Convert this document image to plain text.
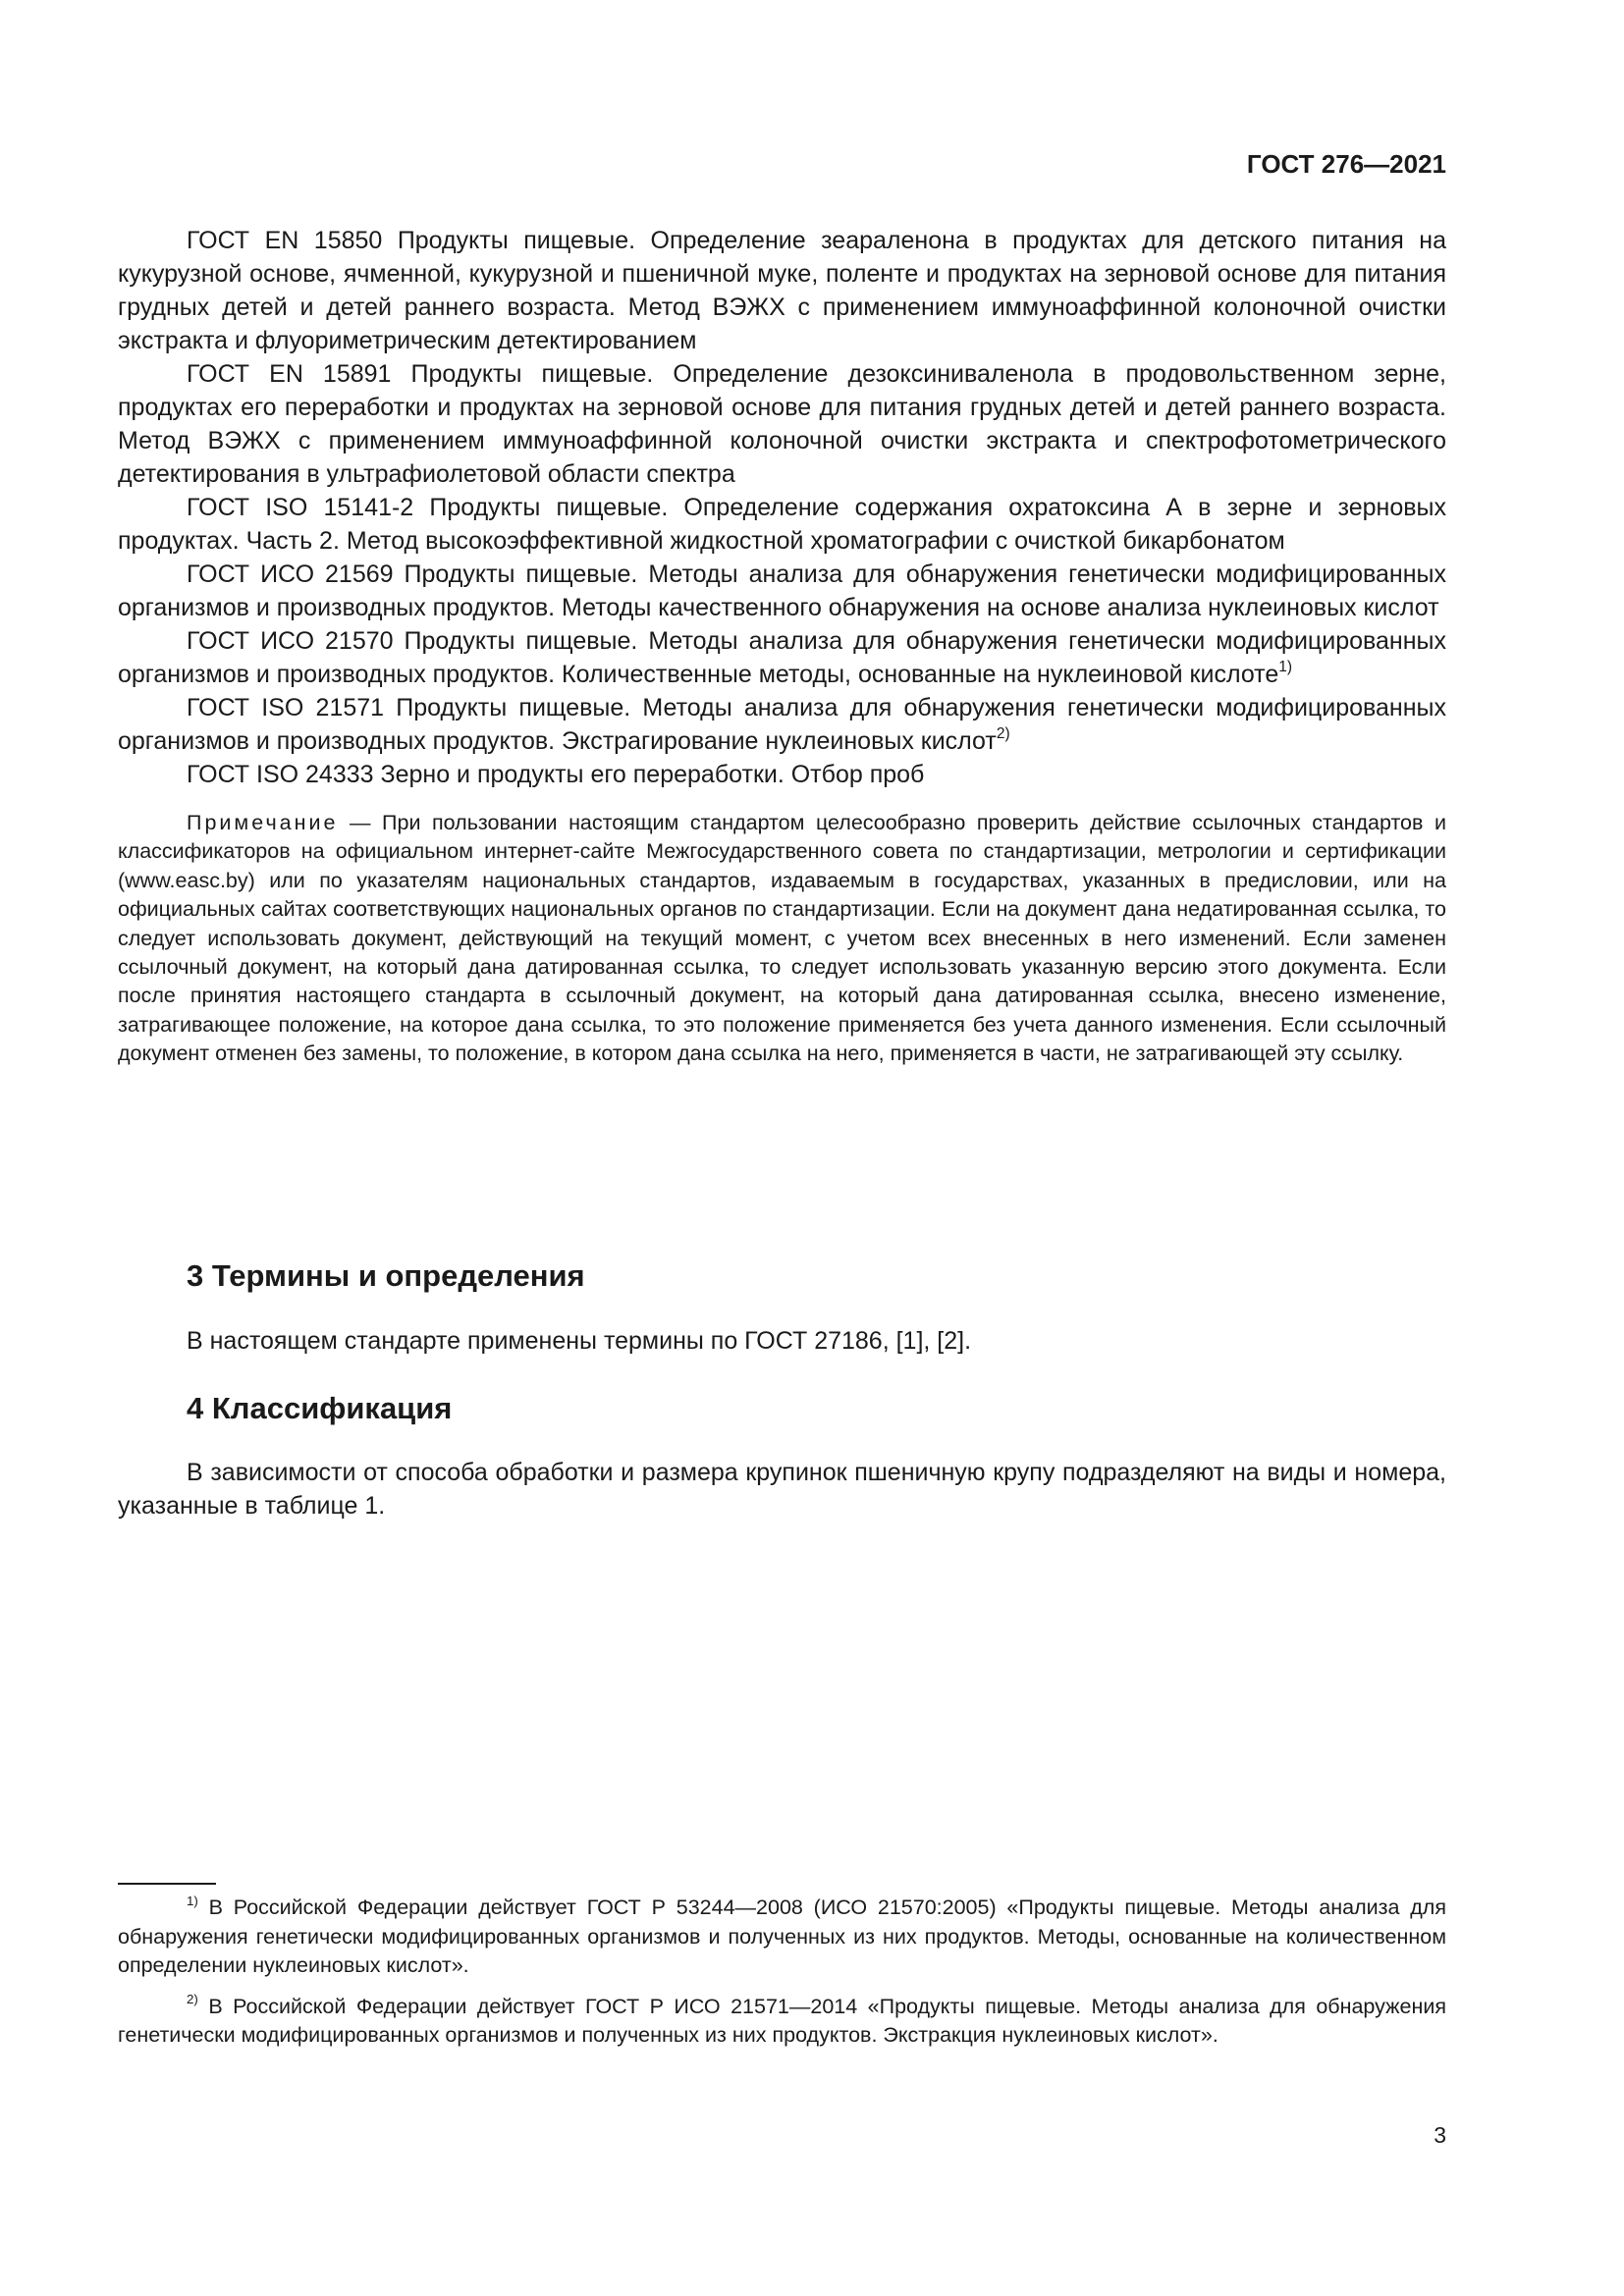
ГОСТ 276—2021

ГОСТ EN 15850 Продукты пищевые. Определение зеараленона в продуктах для детского питания на кукурузной основе, ячменной, кукурузной и пшеничной муке, поленте и продуктах на зерновой основе для питания грудных детей и детей раннего возраста. Метод ВЭЖХ с применением иммуноаффинной колоночной очистки экстракта и флуориметрическим детектированием

ГОСТ EN 15891 Продукты пищевые. Определение дезоксиниваленола в продовольственном зерне, продуктах его переработки и продуктах на зерновой основе для питания грудных детей и детей раннего возраста. Метод ВЭЖХ с применением иммуноаффинной колоночной очистки экстракта и спектрофотометрического детектирования в ультрафиолетовой области спектра

ГОСТ ISO 15141-2 Продукты пищевые. Определение содержания охратоксина А в зерне и зерновых продуктах. Часть 2. Метод высокоэффективной жидкостной хроматографии с очисткой бикарбонатом

ГОСТ ИСО 21569 Продукты пищевые. Методы анализа для обнаружения генетически модифицированных организмов и производных продуктов. Методы качественного обнаружения на основе анализа нуклеиновых кислот

ГОСТ ИСО 21570 Продукты пищевые. Методы анализа для обнаружения генетически модифицированных организмов и производных продуктов. Количественные методы, основанные на нуклеиновой кислоте$^{1)}$

ГОСТ ISO 21571 Продукты пищевые. Методы анализа для обнаружения генетически модифицированных организмов и производных продуктов. Экстрагирование нуклеиновых кислот$^{2)}$

ГОСТ ISO 24333 Зерно и продукты его переработки. Отбор проб

Примечание — При пользовании настоящим стандартом целесообразно проверить действие ссылочных стандартов и классификаторов на официальном интернет-сайте Межгосударственного совета по стандартизации, метрологии и сертификации (www.easc.by) или по указателям национальных стандартов, издаваемым в государствах, указанных в предисловии, или на официальных сайтах соответствующих национальных органов по стандартизации. Если на документ дана недатированная ссылка, то следует использовать документ, действующий на текущий момент, с учетом всех внесенных в него изменений. Если заменен ссылочный документ, на который дана датированная ссылка, то следует использовать указанную версию этого документа. Если после принятия настоящего стандарта в ссылочный документ, на который дана датированная ссылка, внесено изменение, затрагивающее положение, на которое дана ссылка, то это положение применяется без учета данного изменения. Если ссылочный документ отменен без замены, то положение, в котором дана ссылка на него, применяется в части, не затрагивающей эту ссылку.

3 Термины и определения

В настоящем стандарте применены термины по ГОСТ 27186, [1], [2].

4 Классификация

В зависимости от способа обработки и размера крупинок пшеничную крупу подразделяют на виды и номера, указанные в таблице 1.

$^{1)}$ В Российской Федерации действует ГОСТ Р 53244—2008 (ИСО 21570:2005) «Продукты пищевые. Методы анализа для обнаружения генетически модифицированных организмов и полученных из них продуктов. Методы, основанные на количественном определении нуклеиновых кислот».

$^{2)}$ В Российской Федерации действует ГОСТ Р ИСО 21571—2014 «Продукты пищевые. Методы анализа для обнаружения генетически модифицированных организмов и полученных из них продуктов. Экстракция нуклеиновых кислот».

3
